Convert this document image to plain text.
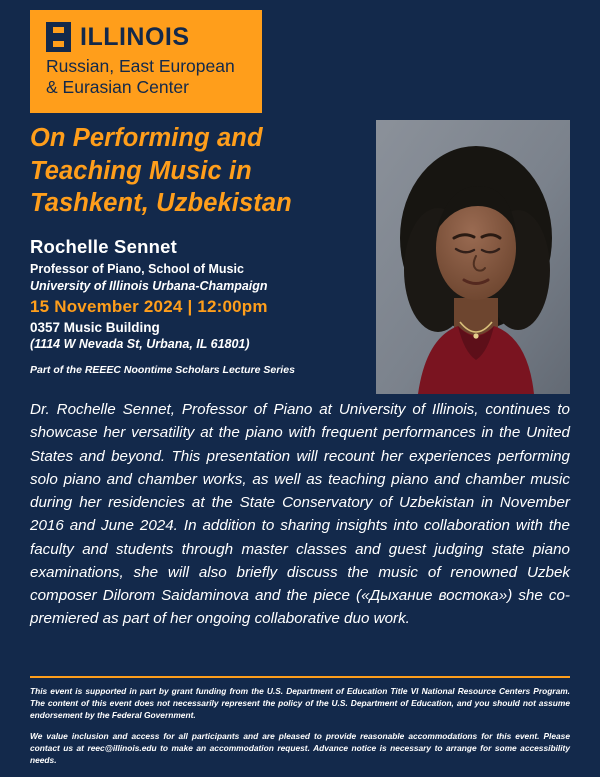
ILLINOIS
Russian, East European
& Eurasian Center
On Performing and Teaching Music in Tashkent, Uzbekistan
Rochelle Sennet
Professor of Piano, School of Music
University of Illinois Urbana-Champaign
15 November 2024 | 12:00pm
0357 Music Building
(1114 W Nevada St, Urbana, IL 61801)
Part of the REEEC Noontime Scholars Lecture Series
Dr. Rochelle Sennet, Professor of Piano at University of Illinois, continues to showcase her versatility at the piano with frequent performances in the United States and beyond. This presentation will recount her experiences performing solo piano and chamber works, as well as teaching piano and chamber music during her residencies at the State Conservatory of Uzbekistan in November 2016 and June 2024. In addition to sharing insights into collaboration with the faculty and students through master classes and guest judging state piano examinations, she will also briefly discuss the music of renowned Uzbek composer Dilorom Saidaminova and the piece («Дыхание востока») she co-premiered as part of her ongoing collaborative duo work.

This event is supported in part by grant funding from the U.S. Department of Education Title VI National Resource Centers Program. The content of this event does not necessarily represent the policy of the U.S. Department of Education, and you should not assume endorsement by the Federal Government.

We value inclusion and access for all participants and are pleased to provide reasonable accommodations for this event. Please contact us at reec@illinois.edu to make an accommodation request. Advance notice is necessary to arrange for some accessibility needs.
